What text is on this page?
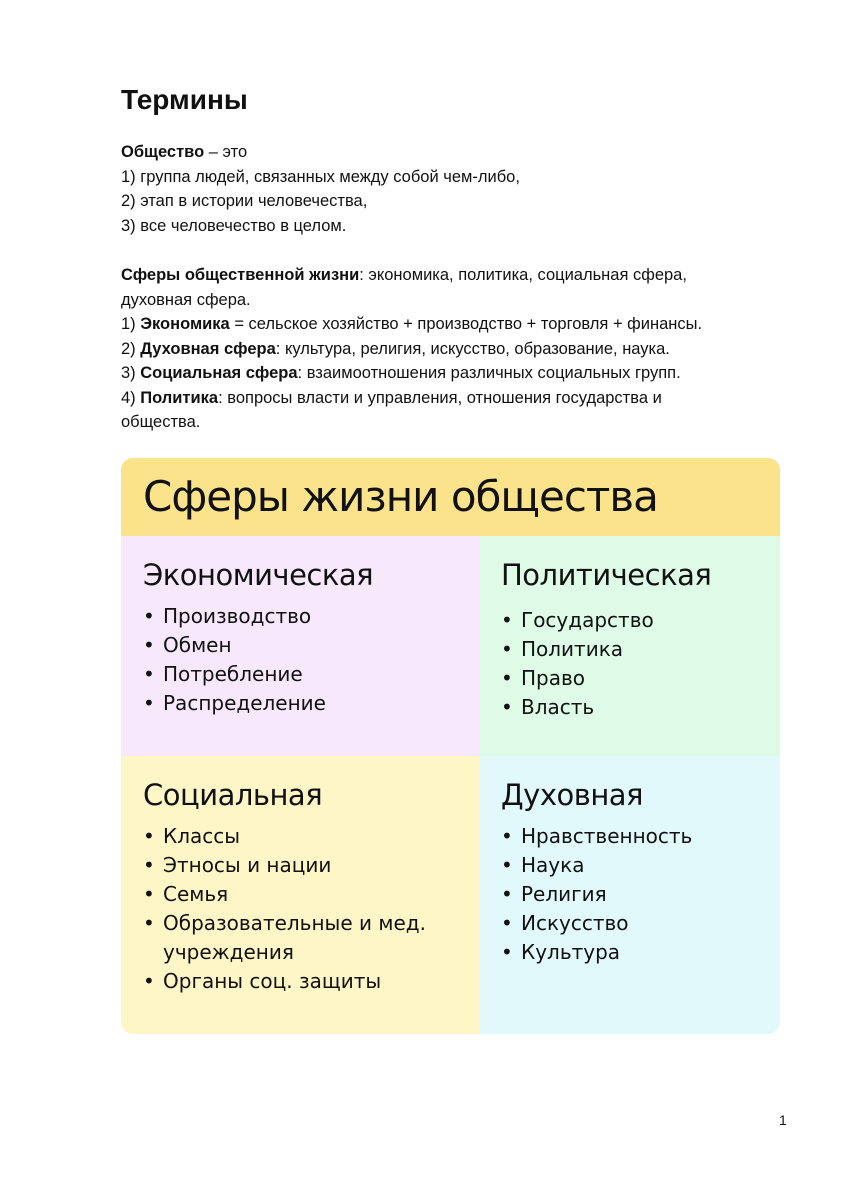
Термины
Общество – это
1) группа людей, связанных между собой чем-либо,
2) этап в истории человечества,
3) все человечество в целом.
Сферы общественной жизни: экономика, политика, социальная сфера,
духовная сфера.
1) Экономика = сельское хозяйство + производство + торговля + финансы.
2) Духовная сфера: культура, религия, искусство, образование, наука.
3) Социальная сфера: взаимоотношения различных социальных групп.
4) Политика: вопросы власти и управления, отношения государства и
общества.
Сферы жизни общества
Экономическая
• Производство
• Обмен
• Потребление
• Распределение
Политическая
• Государство
• Политика
• Право
• Власть
Социальная
• Классы
• Этносы и нации
• Семья
• Образовательные и мед. учреждения
• Органы соц. защиты
Духовная
• Нравственность
• Наука
• Религия
• Искусство
• Культура
1
